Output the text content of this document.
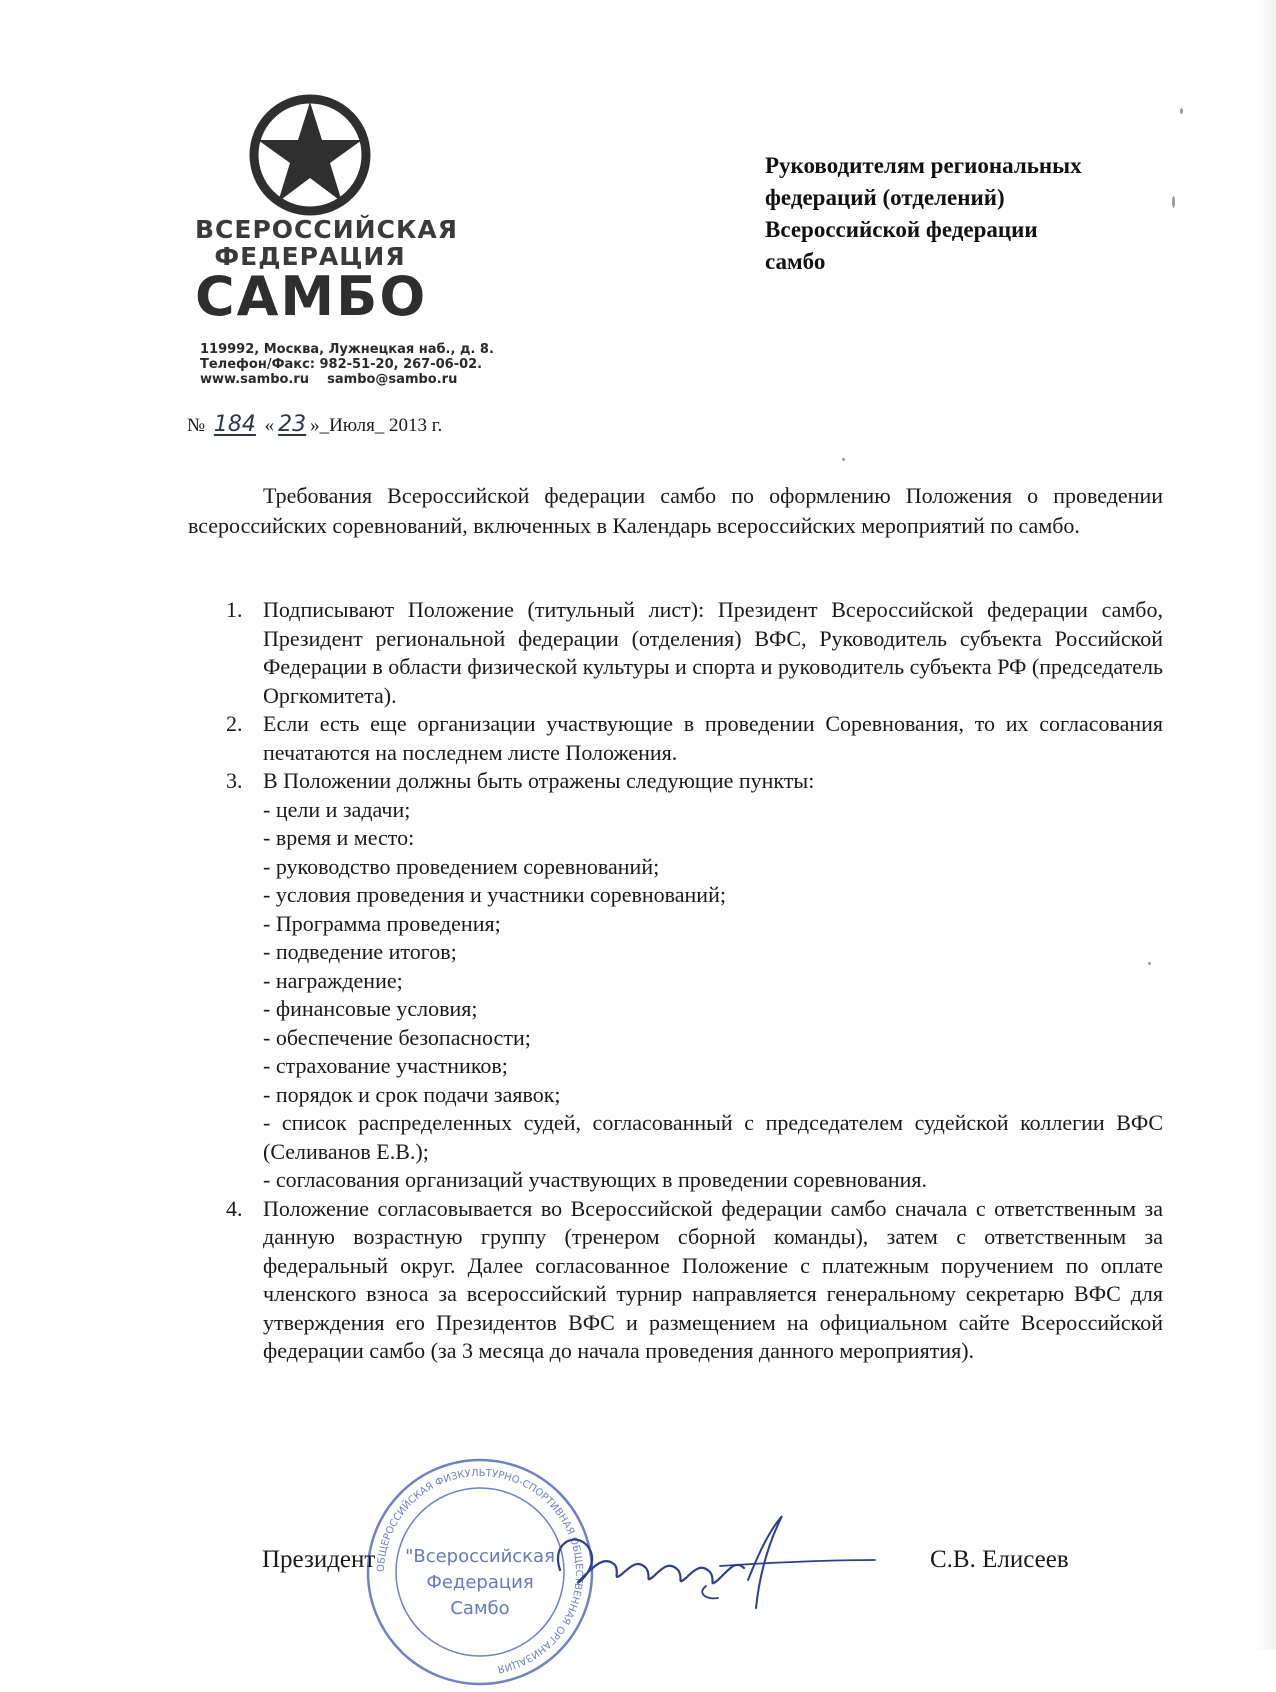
ВСЕРОССИЙСКАЯ
ФЕДЕРАЦИЯ
САМБО
119992, Москва, Лужнецкая наб., д. 8.
Телефон/Факс: 982-51-20, 267-06-02.
www.sambo.ru    sambo@sambo.ru
Руководителям региональных
федераций (отделений)
Всероссийской федерации
самбо
№ 184 « 23 »_Июля_ 2013 г.
Требования Всероссийской федерации самбо по оформлению Положения о проведении всероссийских соревнований, включенных в Календарь всероссийских мероприятий по самбо.
1. Подписывают Положение (титульный лист): Президент Всероссийской федерации самбо, Президент региональной федерации (отделения) ВФС, Руководитель субъекта Российской Федерации в области физической культуры и спорта и руководитель субъекта РФ (председатель Оргкомитета).
2. Если есть еще организации участвующие в проведении Соревнования, то их согласования печатаются на последнем листе Положения.
3. В Положении должны быть отражены следующие пункты:
- цели и задачи;
- время и место:
- руководство проведением соревнований;
- условия проведения и участники соревнований;
- Программа проведения;
- подведение итогов;
- награждение;
- финансовые условия;
- обеспечение безопасности;
- страхование участников;
- порядок и срок подачи заявок;
- список распределенных судей, согласованный с председателем судейской коллегии ВФС (Селиванов Е.В.);
- согласования организаций участвующих в проведении соревнования.
4. Положение согласовывается во Всероссийской федерации самбо сначала с ответственным за данную возрастную группу (тренером сборной команды), затем с ответственным за федеральный округ. Далее согласованное Положение с платежным поручением по оплате членского взноса за всероссийский турнир направляется генеральному секретарю ВФС для утверждения его Президентов ВФС и размещением на официальном сайте Всероссийской федерации самбо (за 3 месяца до начала проведения данного мероприятия).
ОБЩЕРОССИЙСКАЯ ФИЗКУЛЬТУРНО-СПОРТИВНАЯ ОБЩЕСТВЕННАЯ ОРГАНИЗАЦИЯ
"Всероссийская
Федерация
Самбо
Президент	С.В. Елисеев
